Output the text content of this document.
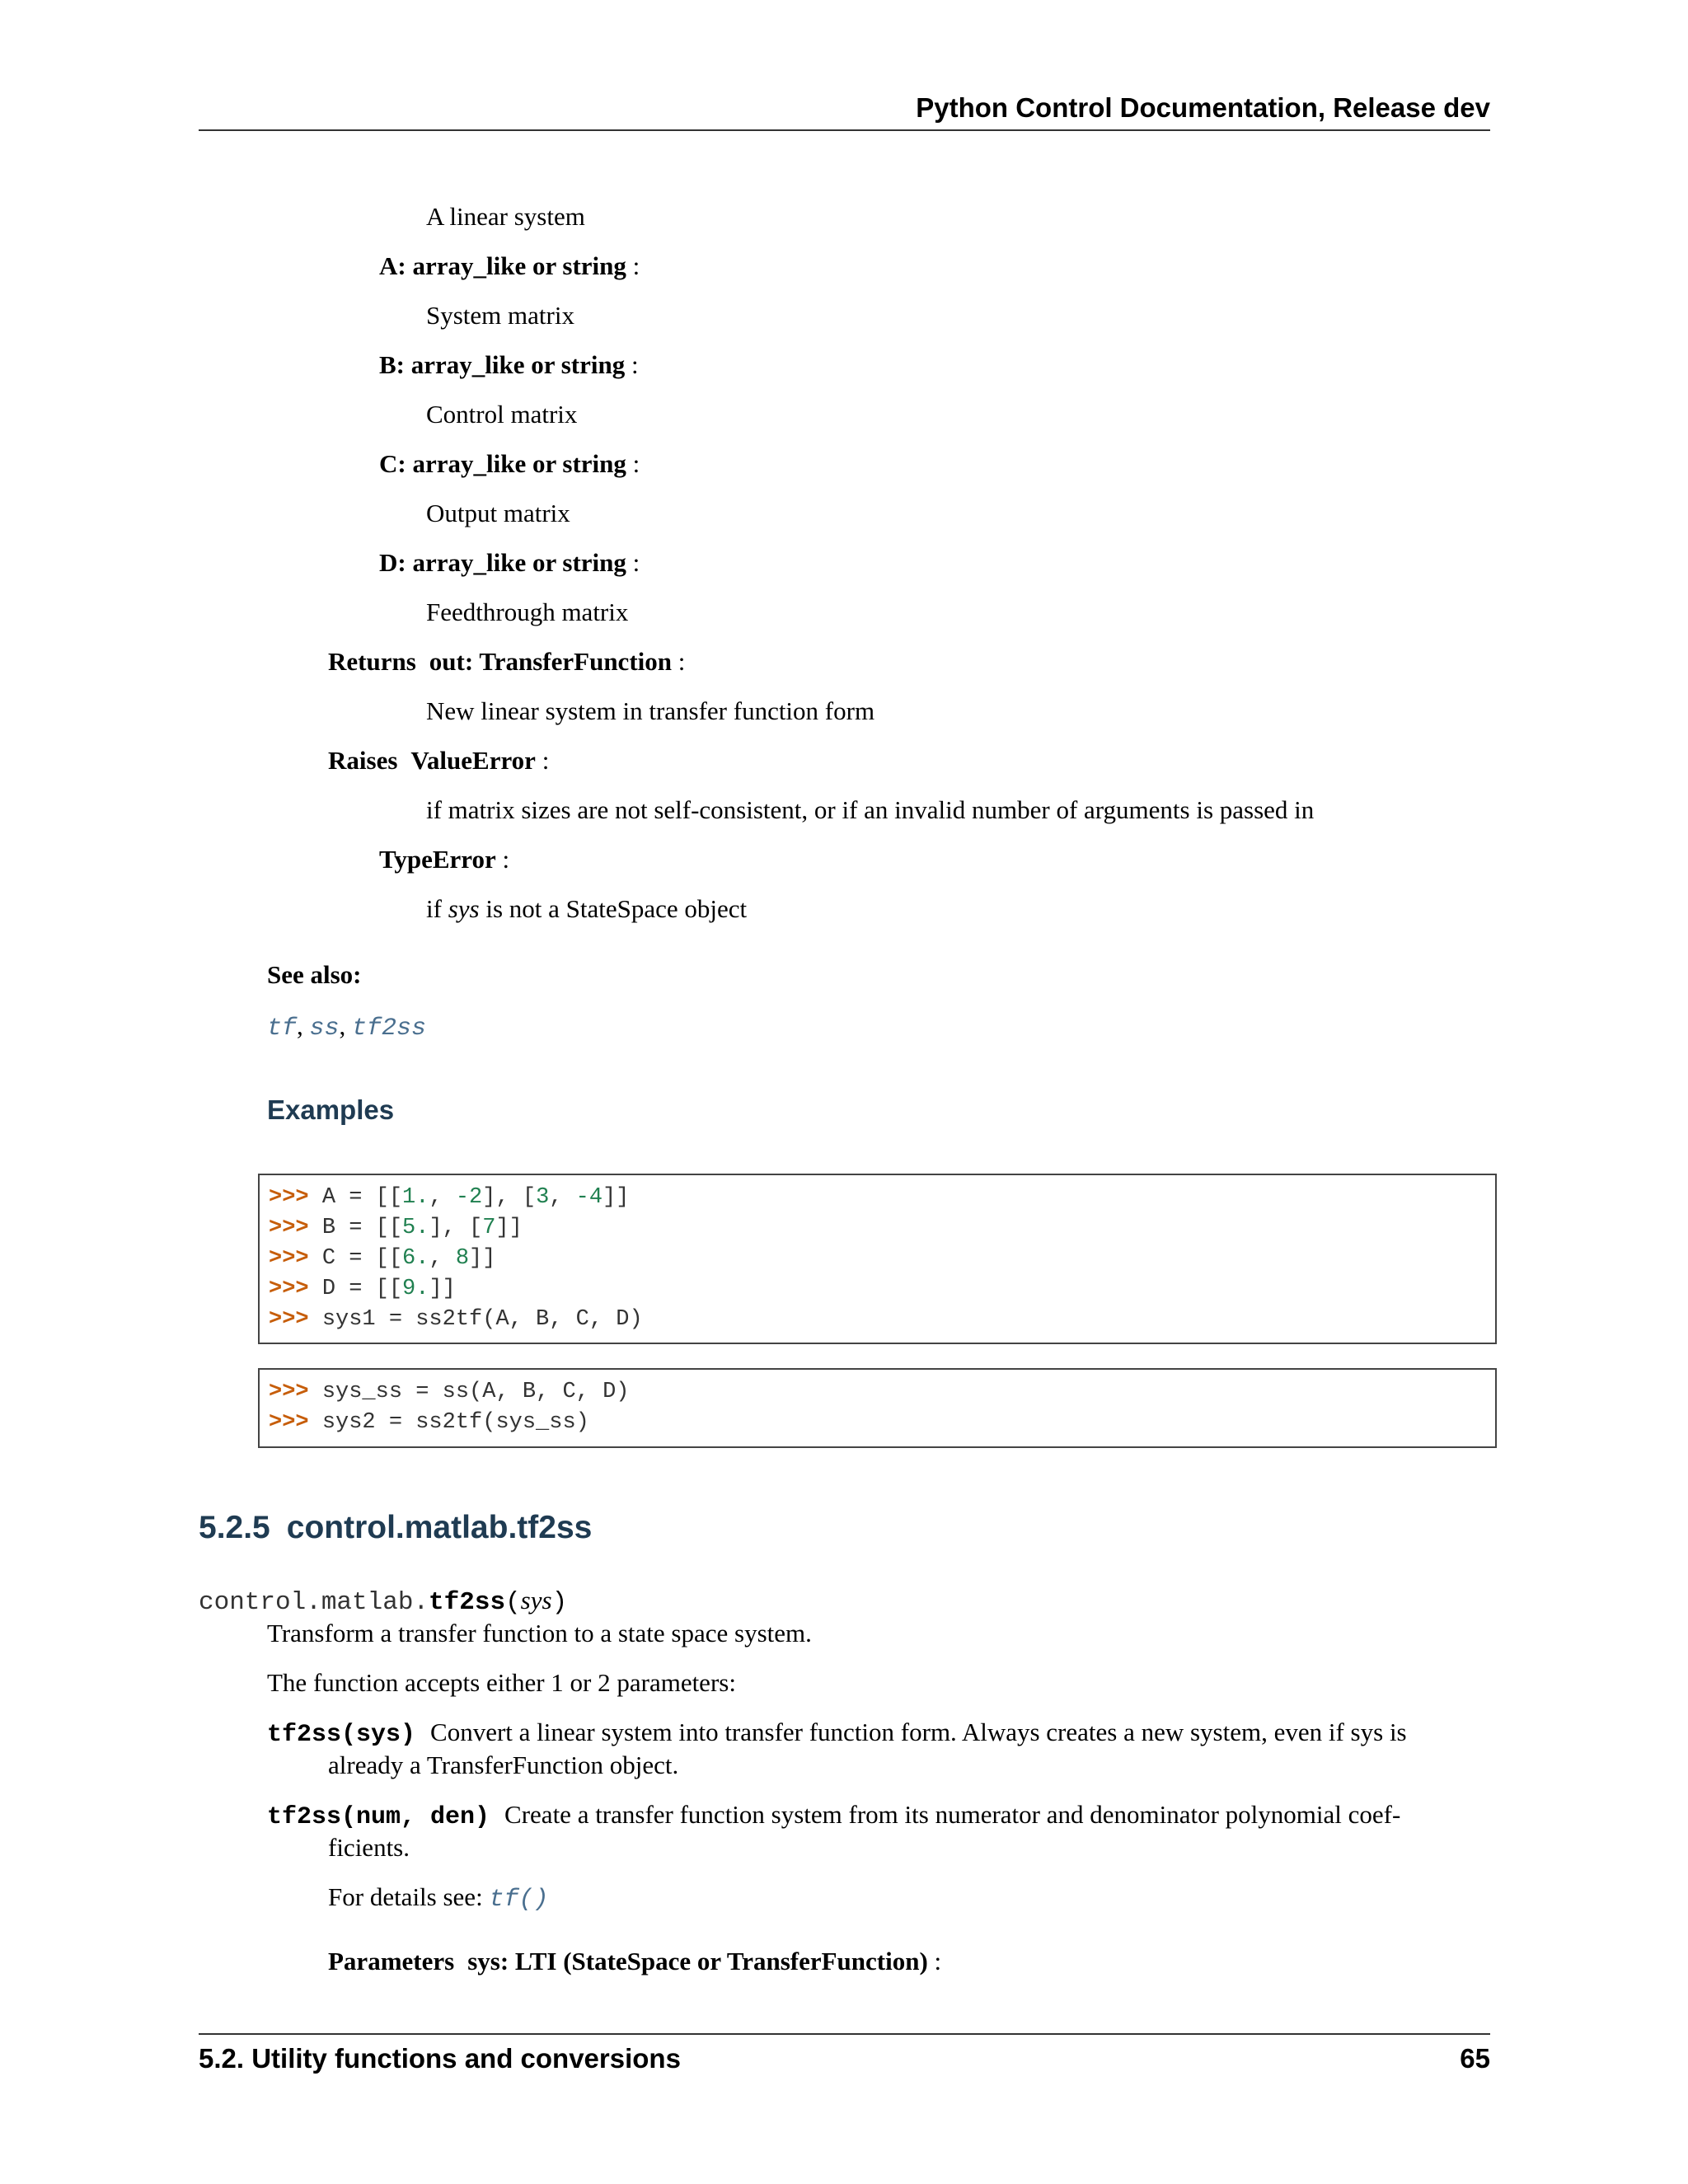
Python Control Documentation, Release dev
A linear system
A: array_like or string :
System matrix
B: array_like or string :
Control matrix
C: array_like or string :
Output matrix
D: array_like or string :
Feedthrough matrix
Returns out: TransferFunction :
New linear system in transfer function form
Raises ValueError :
if matrix sizes are not self-consistent, or if an invalid number of arguments is passed in
TypeError :
if sys is not a StateSpace object
See also:
tf, ss, tf2ss
Examples
>>> A = [[1., -2], [3, -4]]
>>> B = [[5.], [7]]
>>> C = [[6., 8]]
>>> D = [[9.]]
>>> sys1 = ss2tf(A, B, C, D)
>>> sys_ss = ss(A, B, C, D)
>>> sys2 = ss2tf(sys_ss)
5.2.5 control.matlab.tf2ss
control.matlab.tf2ss(sys)
Transform a transfer function to a state space system.
The function accepts either 1 or 2 parameters:
tf2ss(sys) Convert a linear system into transfer function form. Always creates a new system, even if sys is
already a TransferFunction object.
tf2ss(num, den) Create a transfer function system from its numerator and denominator polynomial coef-
ficients.
For details see: tf()
Parameters sys: LTI (StateSpace or TransferFunction) :
5.2. Utility functions and conversions	65
